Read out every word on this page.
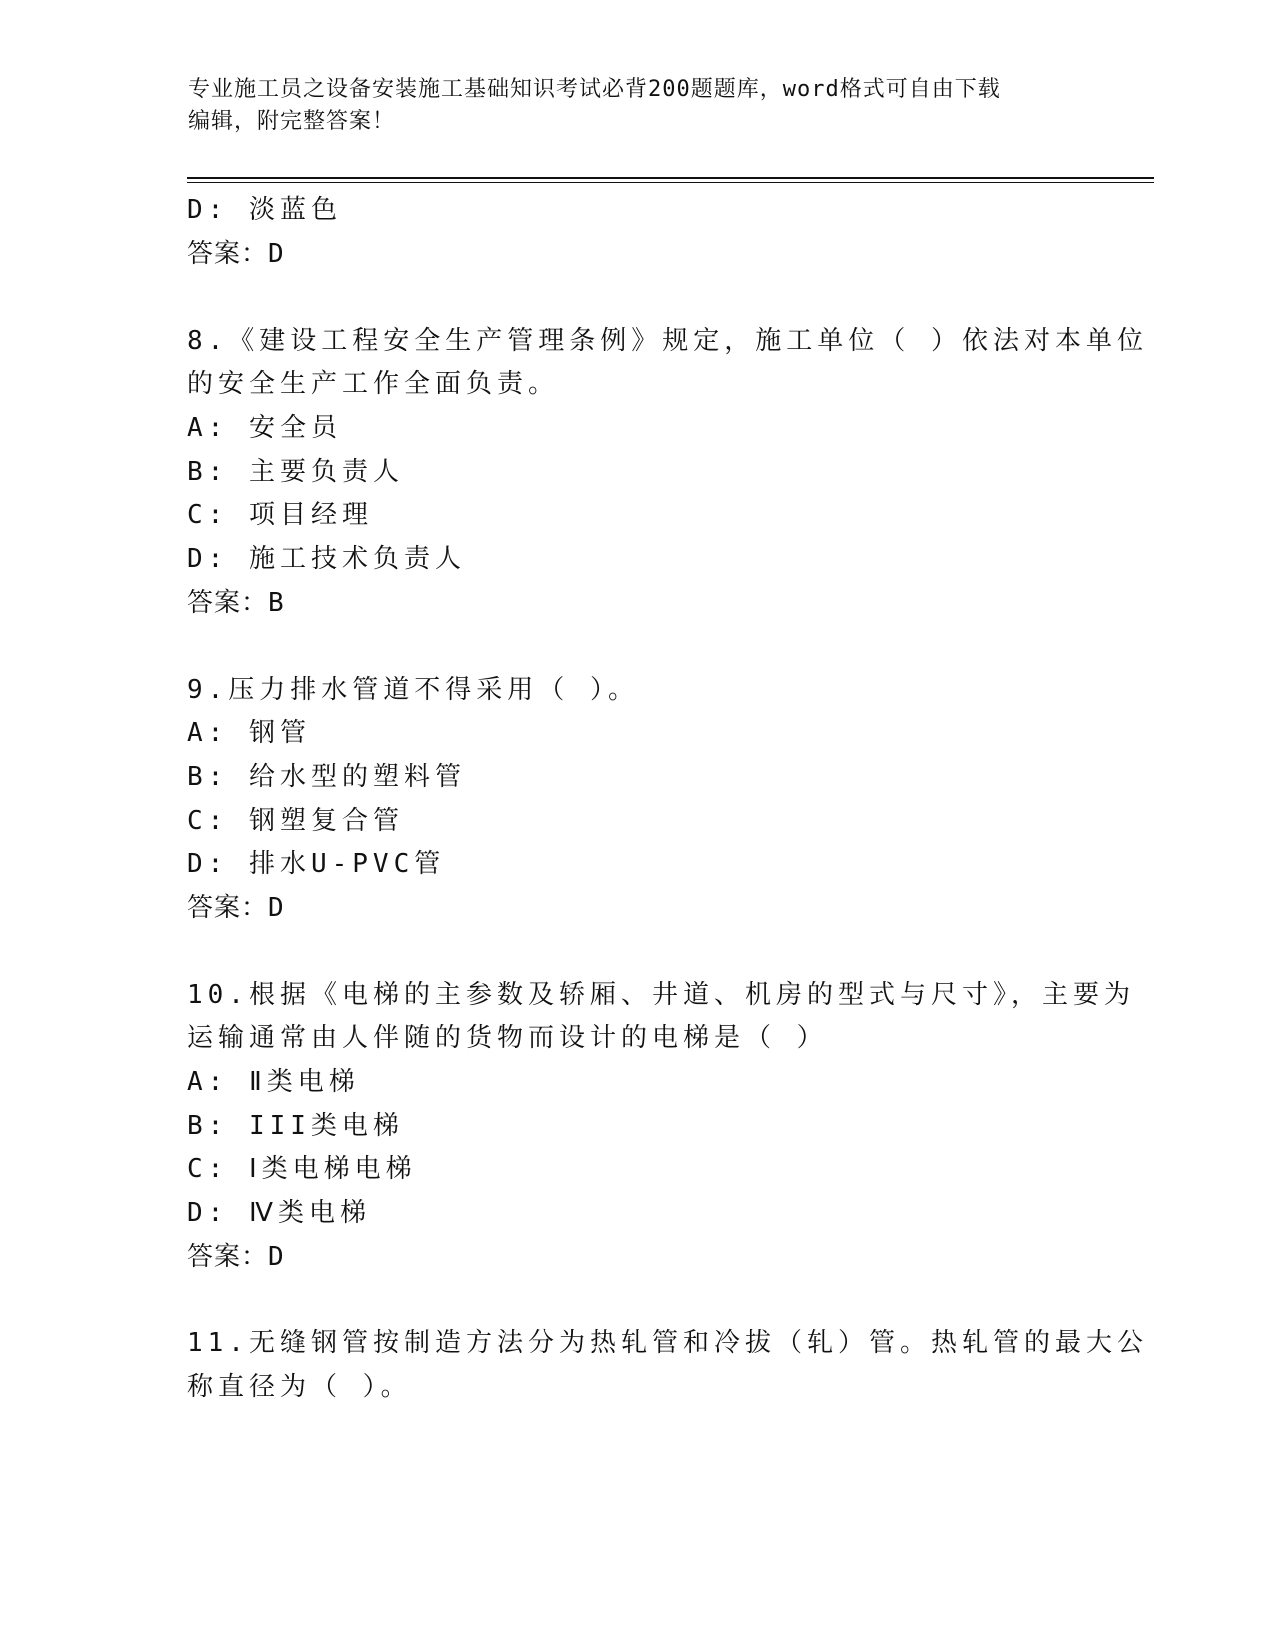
专业施工员之设备安装施工基础知识考试必背200题题库，word格式可自由下载
编辑，附完整答案！
D: 淡蓝色
答案：D
8.《建设工程安全生产管理条例》规定，施工单位（ ）依法对本单位
的安全生产工作全面负责。
A: 安全员
B: 主要负责人
C: 项目经理
D: 施工技术负责人
答案：B
9.压力排水管道不得采用（ ）。
A: 钢管
B: 给水型的塑料管
C: 钢塑复合管
D: 排水U-PVC管
答案：D
10.根据《电梯的主参数及轿厢、井道、机房的型式与尺寸》，主要为
运输通常由人伴随的货物而设计的电梯是（ ）
A: Ⅱ类电梯
B: III类电梯
C: Ⅰ类电梯电梯
D: Ⅳ类电梯
答案：D
11.无缝钢管按制造方法分为热轧管和冷拔（轧）管。热轧管的最大公
称直径为（ ）。
